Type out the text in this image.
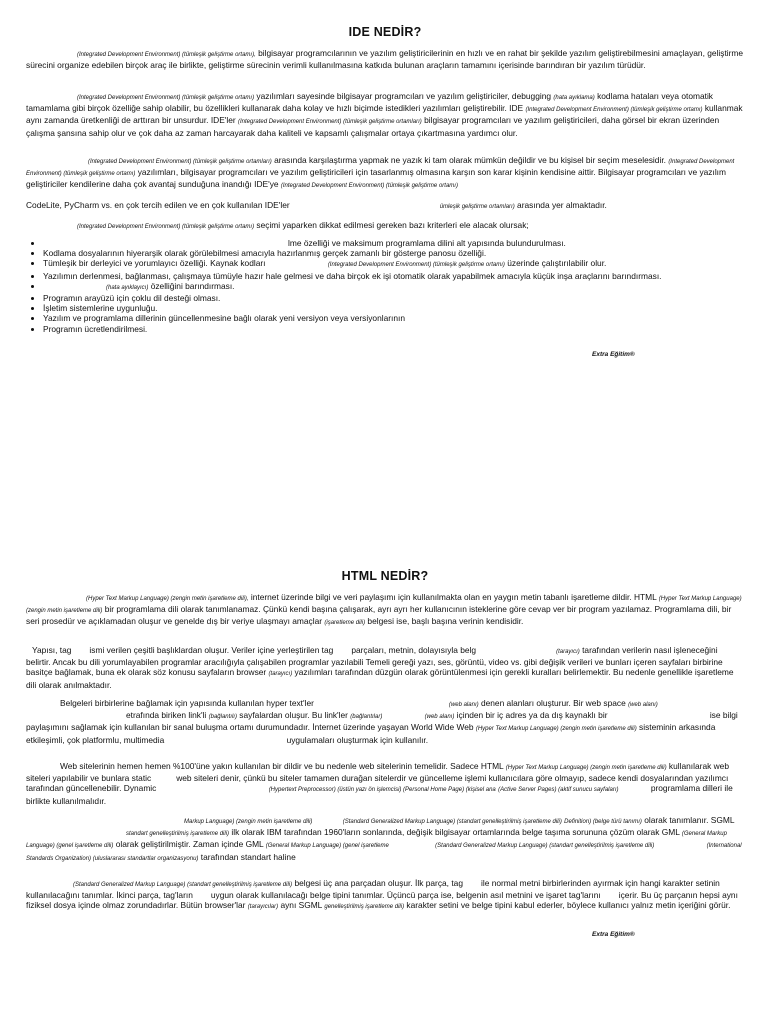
IDE NEDİR?

(Integrated Development Environment) (tümleşik geliştirme ortamı), bilgisayar programcılarının ve yazılım geliştiricilerinin en hızlı ve en rahat bir şekilde yazılım geliştirebilmesini amaçlayan, geliştirme sürecini organize edebilen birçok araç ile birlikte, geliştirme sürecinin verimli kullanılmasına katkıda bulunan araçların tamamını içerisinde barındıran bir yazılım türüdür.

(Integrated Development Environment) (tümleşik geliştirme ortamı) yazılımları sayesinde bilgisayar programcıları ve yazılım geliştiriciler, debugging (hata ayıklama) kodlama hataları veya otomatik tamamlama gibi birçok özelliğe sahip olabilir, bu özellikleri kullanarak daha kolay ve hızlı biçimde istedikleri yazılımları geliştirebilir. IDE (Integrated Development Environment) (tümleşik geliştirme ortamı) kullanmak aynı zamanda üretkenliği de arttıran bir unsurdur. IDE'ler (Integrated Development Environment) (tümleşik geliştirme ortamları) bilgisayar programcıları ve yazılım geliştiricileri, daha görsel bir ekran üzerinden çalışma şansına sahip olur ve çok daha az zaman harcayarak daha kaliteli ve kapsamlı çalışmalar ortaya çıkartmasına yardımcı olur.

(Integrated Development Environment) (tümleşik geliştirme ortamları) arasında karşılaştırma yapmak ne yazık ki tam olarak mümkün değildir ve bu kişisel bir seçim meselesidir. (Integrated Development Environment) (tümleşik geliştirme ortamı) yazılımları, bilgisayar programcıları ve yazılım geliştiricileri için tasarlanmış olmasına karşın son karar kişinin kendisine aittir. Bilgisayar programcıları ve yazılım geliştiriciler kendilerine daha çok avantaj sunduğuna inandığı IDE'ye (Integrated Development Environment) (tümleşik geliştirme ortamı)

CodeLite, PyCharm vs. en çok tercih edilen ve en çok kullanılan IDE'ler	ümleşik geliştirme ortamları) arasında yer almaktadır.

(Integrated Development Environment) (tümleşik geliştirme ortamı) seçimi yaparken dikkat edilmesi gereken bazı kriterleri ele alacak olursak;

• lme özelliği ve maksimum programlama dilini alt yapısında bulundurulması.
• Kodlama dosyalarının hiyerarşik olarak görülebilmesi amacıyla hazırlanmış gerçek zamanlı bir gösterge panosu özelliği.
• Tümleşik bir derleyici ve yorumlayıcı özelliği. Kaynak kodları	(Integrated Development Environment) (tümleşik geliştirme ortamı) üzerinde çalıştırılabilir olur.
• Yazılımın derlenmesi, bağlanması, çalışmaya tümüyle hazır hale gelmesi ve daha birçok ek işi otomatik olarak yapabilmek amacıyla küçük inşa araçlarını barındırması.
• (hata ayıklayıcı) özelliğini barındırması.
• Programın arayüzü için çoklu dil desteği olması.
• İşletim sistemlerine uygunluğu.
• Yazılım ve programlama dillerinin güncellenmesine bağlı olarak yeni versiyon veya versiyonlarının
• Programın ücretlendirilmesi.
Extra Eğitim®
HTML NEDİR?

(Hyper Text Markup Language) (zengin metin işaretleme dili), internet üzerinde bilgi ve veri paylaşımı için kullanılmakta olan en yaygın metin tabanlı işaretleme dildir. HTML (Hyper Text Markup Language) (zengin metin işaretleme dili) bir programlama dili olarak tanımlanamaz. Çünkü kendi başına çalışarak, ayrı ayrı her kullanıcının isteklerine göre cevap ver bir program yazılamaz. Programlama dili, bir seri prosedür ve açıklamadan oluşur ve genelde dış bir veriye ulaşmayı amaçlar (işaretleme dili) belgesi ise, başlı başına verinin kendisidir.

Yapısı, tag ismi verilen çeşitli başlıklardan oluşur. Veriler içine yerleştirilen tag parçaları, metnin, dolayısıyla belg	(tarayıcı) tarafından verilerin nasıl işleneceğini belirtir. Ancak bu dili yorumlayabilen programlar aracılığıyla çalışabilen programlar yazılabili Temeli gereği yazı, ses, görüntü, video vs. gibi değişik verileri ve bunları içeren sayfaları birbirine basitçe bağlamak, buna ek olarak söz konusu sayfaların browser (tarayıcı) yazılımları tarafından düzgün olarak görüntülenmesi için gerekli kuralları belirlemektir. Bu nedenle genellikle işaretleme dili olarak anılmaktadır.

Belgeleri birbirlerine bağlamak için yapısında kullanılan hyper text'ler	(web alanı) denen alanları oluşturur. Bir web space (web alanı) etrafında biriken link'li (bağlantılı) sayfalardan oluşur. Bu link'ler (bağlantılar)	(web alanı) içinden bir iç adres ya da dış kaynaklı bir	ise bilgi paylaşımını sağlamak için kullanılan bir sanal buluşma ortamı durumundadır. İnternet üzerinde yaşayan World Wide Web (Hyper Text Markup Language) (zengin metin işaretleme dili) sisteminin arkasında etkileşimli, çok platformlu, multimedia	uygulamaları oluşturmak için kullanılır.

Web sitelerinin hemen hemen %100'üne yakın kullanılan bir dildir ve bu nedenle web sitelerinin temelidir. Sadece HTML (Hyper Text Markup Language) (zengin metin işaretleme dili) kullanılarak web siteleri yapılabilir ve bunlara static	web siteleri denir, çünkü bu siteler tamamen durağan sitelerdir ve güncelleme işlemi kullanıcılara göre olmayıp, sadece kendi dosyalarından yazılımcı tarafından güncellenebilir. Dynamic	(Hypertext Preprocessor) (üstün yazı ön işlemcisi) (Personal Home Page) (kişisel ana (Active Server Pages) (aktif sunucu sayfaları)	programlama dilleri ile birlikte kullanılmalıdır.

Markup Language) (zengin metin işaretleme dili)	(Standard Generalized Markup Language) (standart genelleştirilmiş işaretleme dili) Definition) (belge türü tanımı) olarak tanımlanır. SGML standart genelleştirilmiş işaretleme dili) ilk olarak IBM tarafından 1960'ların sonlarında, değişik bilgisayar ortamlarında belge taşıma sorununa çözüm olarak GML (General Markup Language) (genel işaretleme dili) olarak geliştirilmiştir. Zaman içinde GML (General Markup Language) (genel işaretleme	(Standard Generalized Markup Language) (standart genelleştirilmiş işaretleme dili)	(International Standards Organization) (uluslararası standartlar organizasyonu) tarafından standart haline

(Standard Generalized Markup Language) (standart genelleştirilmiş işaretleme dili) belgesi üç ana parçadan oluşur. İlk parça, tag ile normal metni birbirlerinden ayırmak için hangi karakter setinin kullanılacağını tanımlar. İkinci parça, tag'ların uygun olarak kullanılacağı belge tipini tanımlar. Üçüncü parça ise, belgenin asıl metnini ve işaret tag'larını içerir. Bu üç parçanın hepsi aynı fiziksel dosya içinde olmaz zorundadırlar. Bütün browser'lar (tarayıcılar) aynı SGML genelleştirilmiş işaretleme dili) karakter setini ve belge tipini kabul ederler, böylece kullanıcı yalnız metin içeriğini görür.

Extra Eğitim®
